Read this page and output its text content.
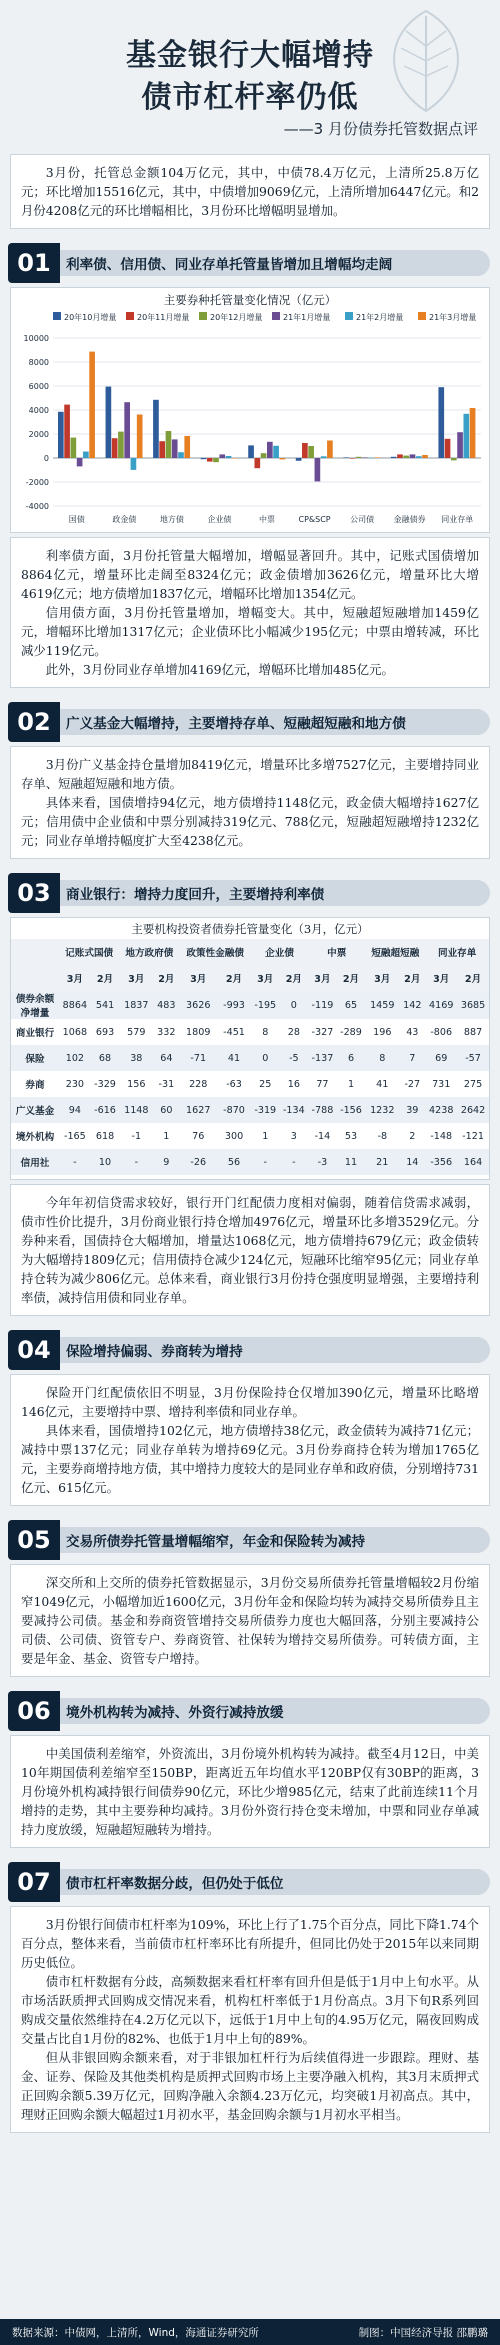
基金银行大幅增持
债市杠杆率仍低
——3 月份债券托管数据点评

3月份，托管总金额104万亿元，其中，中债78.4万亿元，上清所25.8万亿元；环比增加15516亿元，其中，中债增加9069亿元，上清所增加6447亿元。和2月份4208亿元的环比增幅相比，3月份环比增幅明显增加。

01	利率债、信用债、同业存单托管量皆增加且增幅均走阔
主要券种托管量变化情况（亿元）
20年10月增量	20年11月增量	20年12月增量	21年1月增量	21年2月增量	21年3月增量
-4000
-2000
0
2000
4000
6000
8000
10000
国债	政金债	地方债	企业债	中票	CP&SCP 公司债 金融债券 同业存单

利率债方面，3月份托管量大幅增加，增幅显著回升。其中，记账式国债增加8864亿元，增量环比走阔至8324亿元；政金债增加3626亿元，增量环比大增4619亿元；地方债增加1837亿元，增幅环比增加1354亿元。

信用债方面，3月份托管量增加，增幅变大。其中，短融超短融增加1459亿元，增幅环比增加1317亿元；企业债环比小幅减少195亿元；中票由增转减，环比减少119亿元。

此外，3月份同业存单增加4169亿元，增幅环比增加485亿元。

02	广义基金大幅增持，主要增持存单、短融超短融和地方债

3月份广义基金持仓量增加8419亿元，增量环比多增7527亿元，主要增持同业存单、短融超短融和地方债。

具体来看，国债增持94亿元，地方债增持1148亿元，政金债大幅增持1627亿元；信用债中企业债和中票分别减持319亿元、788亿元，短融超短融增持1232亿元；同业存单增持幅度扩大至4238亿元。

03	商业银行：增持力度回升，主要增持利率债
主要机构投资者债券托管量变化（3月，亿元）
	记账式国债		地方政府债		政策性金融债		企业债		中票		短融超短融		同业存单	
	3月	2月	3月	2月	3月	2月	3月	2月	3月	2月	3月	2月	3月	2月
债券余额净增量	8864	541	1837	483	3626	-993	-195	0	-119	65	1459	142	4169	3685
商业银行	1068	693	579	332	1809	-451	8	28	-327	-289	196	43	-806	887
保险	102	68	38	64	-71	41	0	-5	-137	6	8	7	69	-57
券商	230	-329	156	-31	228	-63	25	16	77	1	41	-27	731	275
广义基金	94	-616	1148	60	1627	-870	-319	-134	-788	-156	1232	39	4238	2642
境外机构	-165	618	-1	1	76	300	1	3	-14	53	-8	2	-148	-121
信用社	-	10	-	9	-26	56	-	-	-3	11	21	14	-356	164

今年年初信贷需求较好，银行开门红配债力度相对偏弱，随着信贷需求减弱，债市性价比提升，3月份商业银行持仓增加4976亿元，增量环比多增3529亿元。分券种来看，国债持仓大幅增加，增量达1068亿元，地方债增持679亿元；政金债转为大幅增持1809亿元；信用债持仓减少124亿元，短融环比缩窄95亿元；同业存单持仓转为减少806亿元。总体来看，商业银行3月份持仓强度明显增强，主要增持利率债，减持信用债和同业存单。

04	保险增持偏弱、券商转为增持

保险开门红配债依旧不明显，3月份保险持仓仅增加390亿元，增量环比略增146亿元，主要增持中票、增持利率债和同业存单。

具体来看，国债增持102亿元，地方债增持38亿元，政金债转为减持71亿元；减持中票137亿元；同业存单转为增持69亿元。3月份券商持仓转为增加1765亿元，主要券商增持地方债，其中增持力度较大的是同业存单和政府债，分别增持731亿元、615亿元。

05	交易所债券托管量增幅缩窄，年金和保险转为减持

深交所和上交所的债券托管数据显示，3月份交易所债券托管量增幅较2月份缩窄1049亿元，小幅增加近1600亿元，3月份年金和保险均转为减持交易所债券且主要减持公司债。基金和券商资管增持交易所债券力度也大幅回落，分别主要减持公司债、公司债、资管专户、券商资管、社保转为增持交易所债券。可转债方面，主要是年金、基金、资管专户增持。

06	境外机构转为减持、外资行减持放缓

中美国债利差缩窄，外资流出，3月份境外机构转为减持。截至4月12日，中美10年期国债利差缩窄至150BP，距离近五年均值水平120BP仅有30BP的距离，3月份境外机构减持银行间债券90亿元，环比少增985亿元，结束了此前连续11个月增持的走势，其中主要券种均减持。3月份外资行持仓变未增加，中票和同业存单减持力度放缓，短融超短融转为增持。

07	债市杠杆率数据分歧，但仍处于低位

3月份银行间债市杠杆率为109%，环比上行了1.75个百分点，同比下降1.74个百分点，整体来看，当前债市杠杆率环比有所提升，但同比仍处于2015年以来同期历史低位。

债市杠杆数据有分歧，高频数据来看杠杆率有回升但是低于1月中上旬水平。从市场活跃质押式回购成交情况来看，机构杠杆率低于1月份高点。3月下旬R系列回购成交量依然维持在4.2万亿元以下，远低于1月中上旬的4.95万亿元，隔夜回购成交量占比自1月份的82%、也低于1月中上旬的89%。

但从非银回购余额来看，对于非银加杠杆行为后续值得进一步跟踪。理财、基金、证券、保险及其他类机构是质押式回购市场上主要净融入机构，其3月末质押式正回购余额5.39万亿元，回购净融入余额4.23万亿元，均突破1月初高点。其中，理财正回购余额大幅超过1月初水平，基金回购余额与1月初水平相当。

数据来源：中债网，上清所，Wind，海通证券研究所	制图：中国经济导报 邵鹏璐
